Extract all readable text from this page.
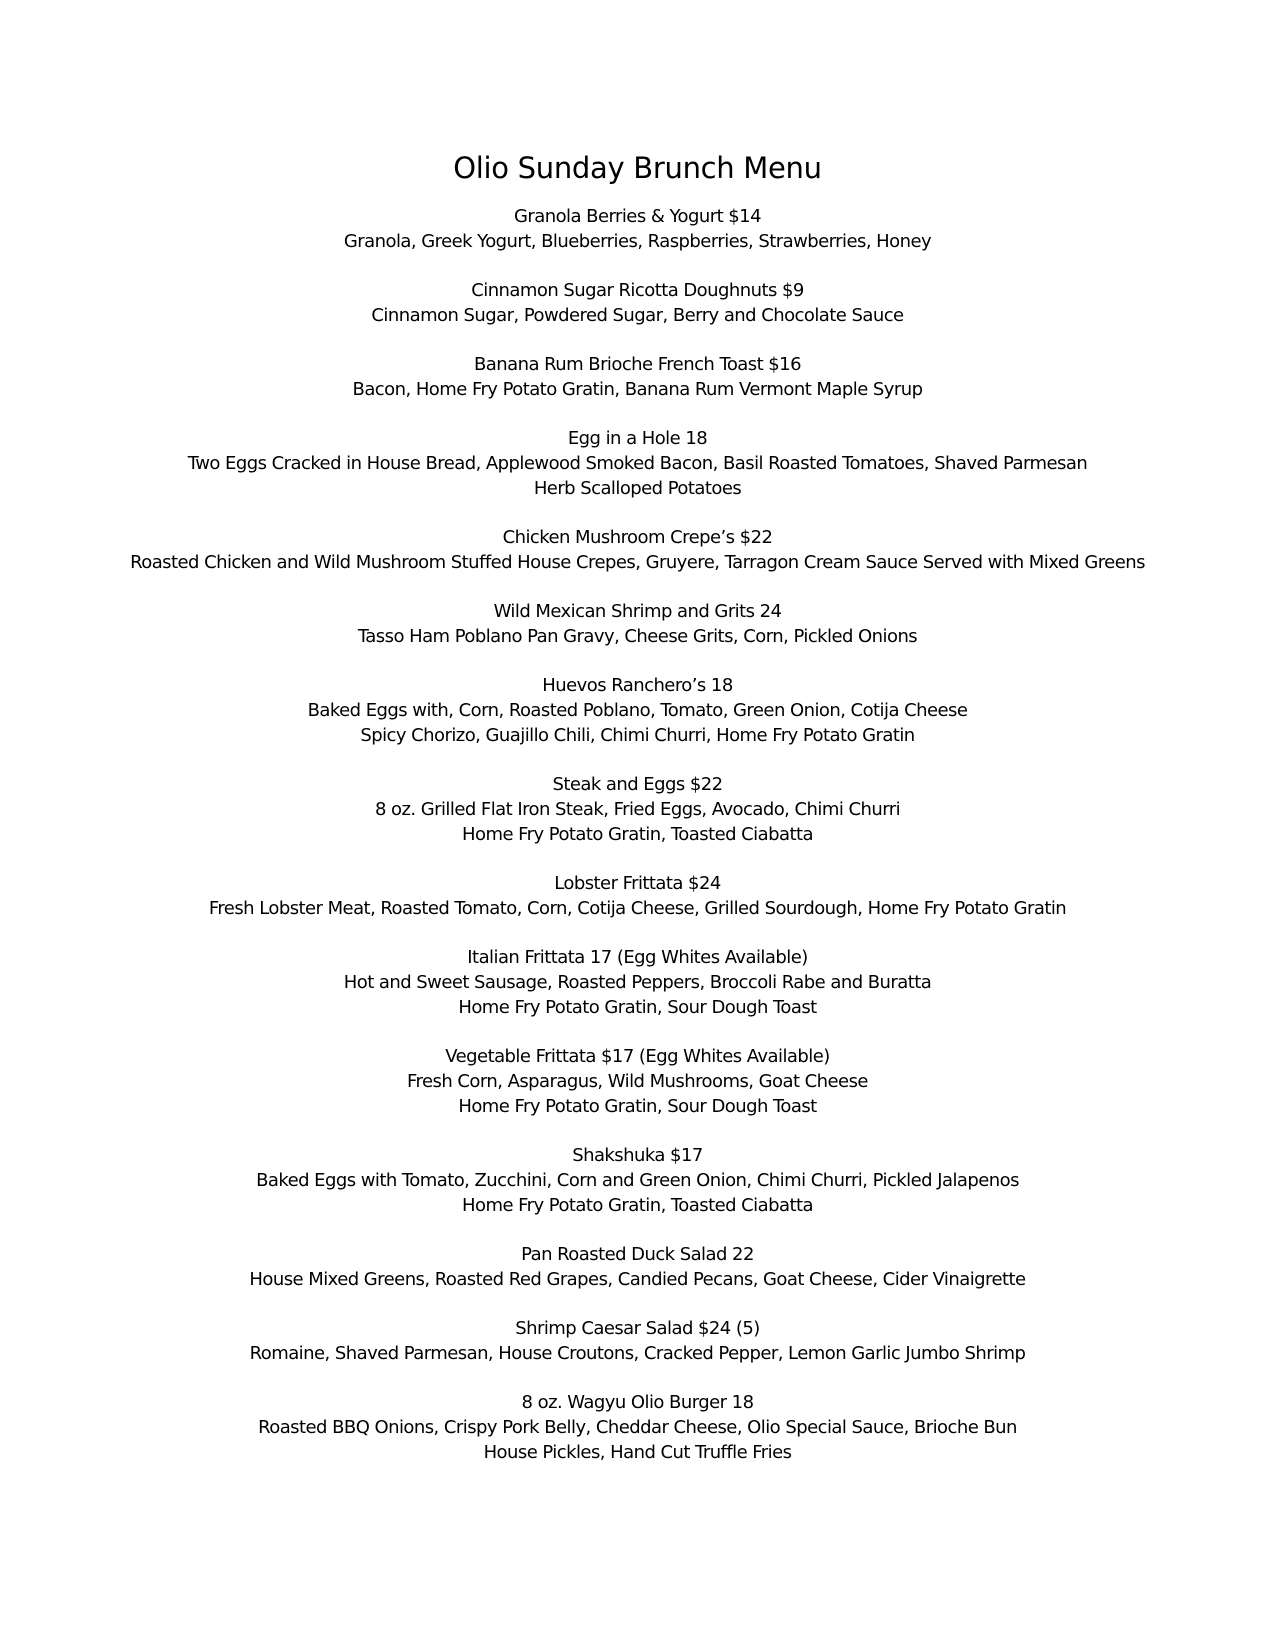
Olio Sunday Brunch Menu
Granola Berries & Yogurt $14
Granola, Greek Yogurt, Blueberries, Raspberries, Strawberries, Honey
Cinnamon Sugar Ricotta Doughnuts $9
Cinnamon Sugar, Powdered Sugar, Berry and Chocolate Sauce
Banana Rum Brioche French Toast $16
Bacon, Home Fry Potato Gratin, Banana Rum Vermont Maple Syrup
Egg in a Hole 18
Two Eggs Cracked in House Bread, Applewood Smoked Bacon, Basil Roasted Tomatoes, Shaved Parmesan
Herb Scalloped Potatoes
Chicken Mushroom Crepe’s $22
Roasted Chicken and Wild Mushroom Stuffed House Crepes, Gruyere, Tarragon Cream Sauce Served with Mixed Greens
Wild Mexican Shrimp and Grits 24
Tasso Ham Poblano Pan Gravy, Cheese Grits, Corn, Pickled Onions
Huevos Ranchero’s 18
Baked Eggs with, Corn, Roasted Poblano, Tomato, Green Onion, Cotija Cheese
Spicy Chorizo, Guajillo Chili, Chimi Churri, Home Fry Potato Gratin
Steak and Eggs $22
8 oz. Grilled Flat Iron Steak, Fried Eggs, Avocado, Chimi Churri
Home Fry Potato Gratin, Toasted Ciabatta
Lobster Frittata $24
Fresh Lobster Meat, Roasted Tomato, Corn, Cotija Cheese, Grilled Sourdough, Home Fry Potato Gratin
Italian Frittata 17 (Egg Whites Available)
Hot and Sweet Sausage, Roasted Peppers, Broccoli Rabe and Buratta
Home Fry Potato Gratin, Sour Dough Toast
Vegetable Frittata $17 (Egg Whites Available)
Fresh Corn, Asparagus, Wild Mushrooms, Goat Cheese
Home Fry Potato Gratin, Sour Dough Toast
Shakshuka $17
Baked Eggs with Tomato, Zucchini, Corn and Green Onion, Chimi Churri, Pickled Jalapenos
Home Fry Potato Gratin, Toasted Ciabatta
Pan Roasted Duck Salad 22
House Mixed Greens, Roasted Red Grapes, Candied Pecans, Goat Cheese, Cider Vinaigrette
Shrimp Caesar Salad $24 (5)
Romaine, Shaved Parmesan, House Croutons, Cracked Pepper, Lemon Garlic Jumbo Shrimp
8 oz. Wagyu Olio Burger 18
Roasted BBQ Onions, Crispy Pork Belly, Cheddar Cheese, Olio Special Sauce, Brioche Bun
House Pickles, Hand Cut Truffle Fries
